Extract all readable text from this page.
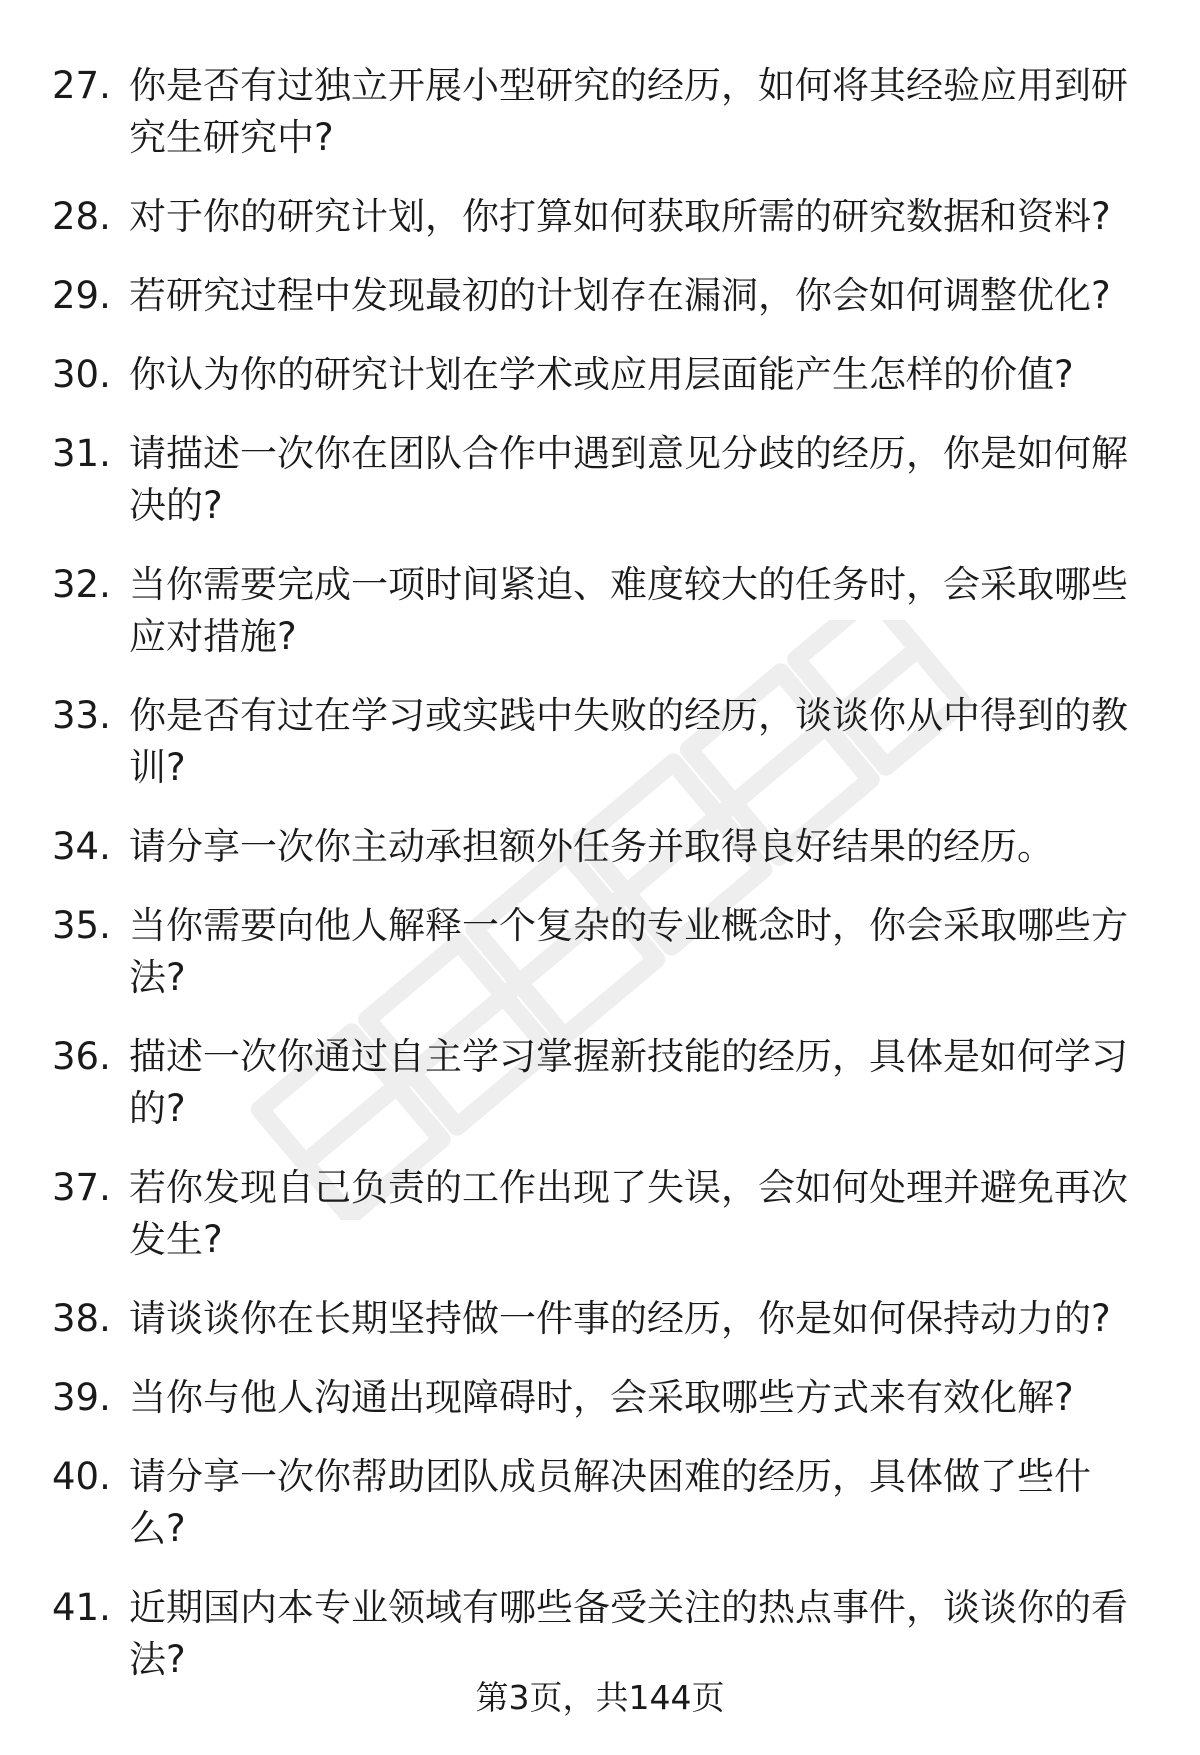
27. 你是否有过独立开展小型研究的经历，如何将其经验应用到研究生研究中?
28. 对于你的研究计划，你打算如何获取所需的研究数据和资料?
29. 若研究过程中发现最初的计划存在漏洞，你会如何调整优化?
30. 你认为你的研究计划在学术或应用层面能产生怎样的价值?
31. 请描述一次你在团队合作中遇到意见分歧的经历，你是如何解决的?
32. 当你需要完成一项时间紧迫、难度较大的任务时，会采取哪些应对措施?
33. 你是否有过在学习或实践中失败的经历，谈谈你从中得到的教训?
34. 请分享一次你主动承担额外任务并取得良好结果的经历。
35. 当你需要向他人解释一个复杂的专业概念时，你会采取哪些方法?
36. 描述一次你通过自主学习掌握新技能的经历，具体是如何学习的?
37. 若你发现自己负责的工作出现了失误，会如何处理并避免再次发生?
38. 请谈谈你在长期坚持做一件事的经历，你是如何保持动力的?
39. 当你与他人沟通出现障碍时，会采取哪些方式来有效化解?
40. 请分享一次你帮助团队成员解决困难的经历，具体做了些什么?
41. 近期国内本专业领域有哪些备受关注的热点事件，谈谈你的看法?
第3页，共144页
